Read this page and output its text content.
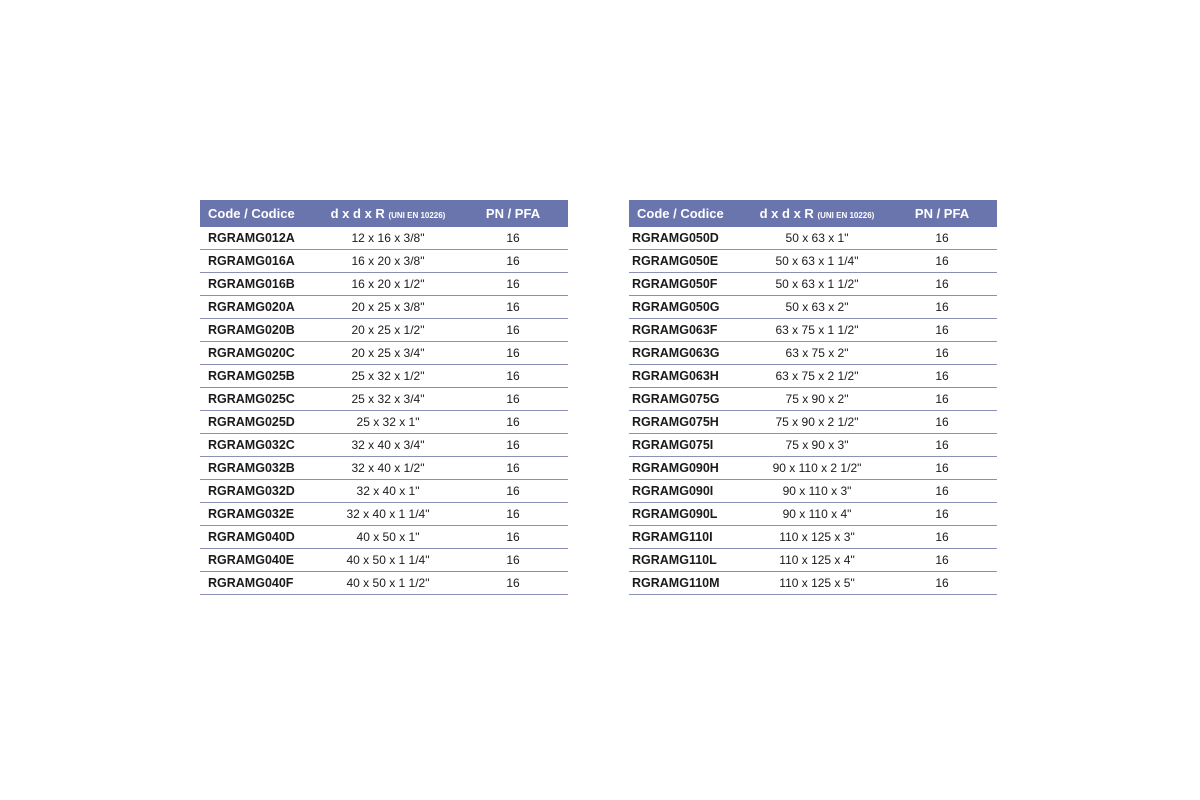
Code / Codice	d x d x R (UNI EN 10226)	PN / PFA
RGRAMG012A	12 x 16 x 3/8"	16
RGRAMG016A	16 x 20 x 3/8"	16
RGRAMG016B	16 x 20 x 1/2"	16
RGRAMG020A	20 x 25 x 3/8"	16
RGRAMG020B	20 x 25 x 1/2"	16
RGRAMG020C	20 x 25 x 3/4"	16
RGRAMG025B	25 x 32 x 1/2"	16
RGRAMG025C	25 x 32 x 3/4"	16
RGRAMG025D	25 x 32 x 1"	16
RGRAMG032C	32 x 40 x 3/4"	16
RGRAMG032B	32 x 40 x 1/2"	16
RGRAMG032D	32 x 40 x 1"	16
RGRAMG032E	32 x 40 x 1 1/4"	16
RGRAMG040D	40 x 50 x 1"	16
RGRAMG040E	40 x 50 x 1 1/4"	16
RGRAMG040F	40 x 50 x 1 1/2"	16
Code / Codice	d x d x R (UNI EN 10226)	PN / PFA
RGRAMG050D	50 x 63 x 1"	16
RGRAMG050E	50 x 63 x 1 1/4"	16
RGRAMG050F	50 x 63 x 1 1/2"	16
RGRAMG050G	50 x 63 x 2"	16
RGRAMG063F	63 x 75 x 1 1/2"	16
RGRAMG063G	63 x 75 x 2"	16
RGRAMG063H	63 x 75 x 2 1/2"	16
RGRAMG075G	75 x 90 x 2"	16
RGRAMG075H	75 x 90 x 2 1/2"	16
RGRAMG075I	75 x 90 x 3"	16
RGRAMG090H	90 x 110 x 2 1/2"	16
RGRAMG090I	90 x 110 x 3"	16
RGRAMG090L	90 x 110 x 4"	16
RGRAMG110I	110 x 125 x 3"	16
RGRAMG110L	110 x 125 x 4"	16
RGRAMG110M	110 x 125 x 5"	16
